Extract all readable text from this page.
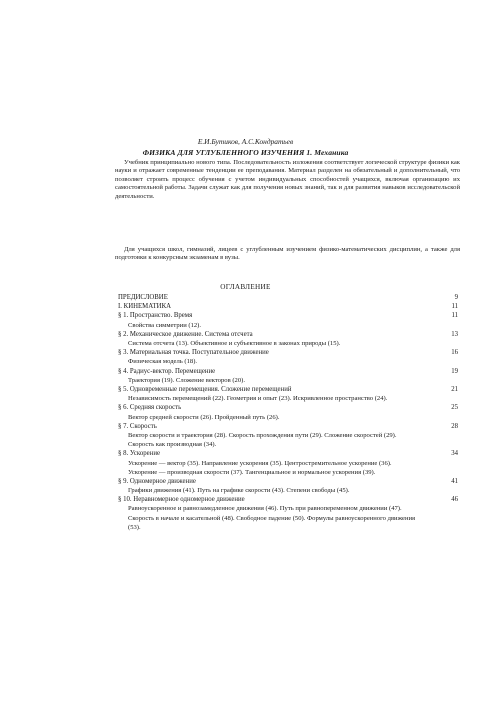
Е.И.Бутиков, А.С.Кондратьев
ФИЗИКА ДЛЯ УГЛУБЛЕННОГО ИЗУЧЕНИЯ 1. Механика

Учебник принципиально нового типа. Последовательность изложения соответствует логической структуре физики как науки и отражает современные тенденции ее преподавания. Материал разделен на обязательный и дополнительный, что позволяет строить процесс обучения с учетом индивидуальных способностей учащихся, включая организацию их самостоятельной работы. Задачи служат как для получения новых знаний, так и для развития навыков исследовательской деятельности.

Для учащихся школ, гимназий, лицеев с углубленным изучением физико-математических дисциплин, а также для подготовки к конкурсным экзаменам в вузы.

ОГЛАВЛЕНИЕ
ПРЕДИСЛОВИЕ	9
I. КИНЕМАТИКА	11
§ 1. Пространство. Время	11
Свойства симметрии (12).
§ 2. Механическое движение. Система отсчета	13
Система отсчета (13). Объективное и субъективное в законах природы (15).
§ 3. Материальная точка. Поступательное движение	16
Физическая модель (18).
§ 4. Радиус-вектор. Перемещение	19
Траектория (19). Сложение векторов (20).
§ 5. Одновременные перемещения. Сложение перемещений	21
Независимость перемещений (22). Геометрия и опыт (23). Искривленное пространство (24).
§ 6. Средняя скорость	25
Вектор средней скорости (26). Пройденный путь (26).
§ 7. Скорость	28
Вектор скорости и траектория (28). Скорость прохождения пути (29). Сложение скоростей (29). Скорость как производная (34).
§ 8. Ускорение	34
Ускорение — вектор (35). Направление ускорения (35). Центростремительное ускорение (36). Ускорение — производная скорости (37). Тангенциальное и нормальное ускорения (39).
§ 9. Одномерное движение	41
Графики движения (41). Путь на графике скорости (43). Степени свободы (45).
§ 10. Неравномерное одномерное движение	46
Равноускоренное и равнозамедленное движения (46). Путь при равнопеременном движении (47). Скорость в начале и касательной (48). Свободное падение (50). Формулы равноускоренного движения (53).
